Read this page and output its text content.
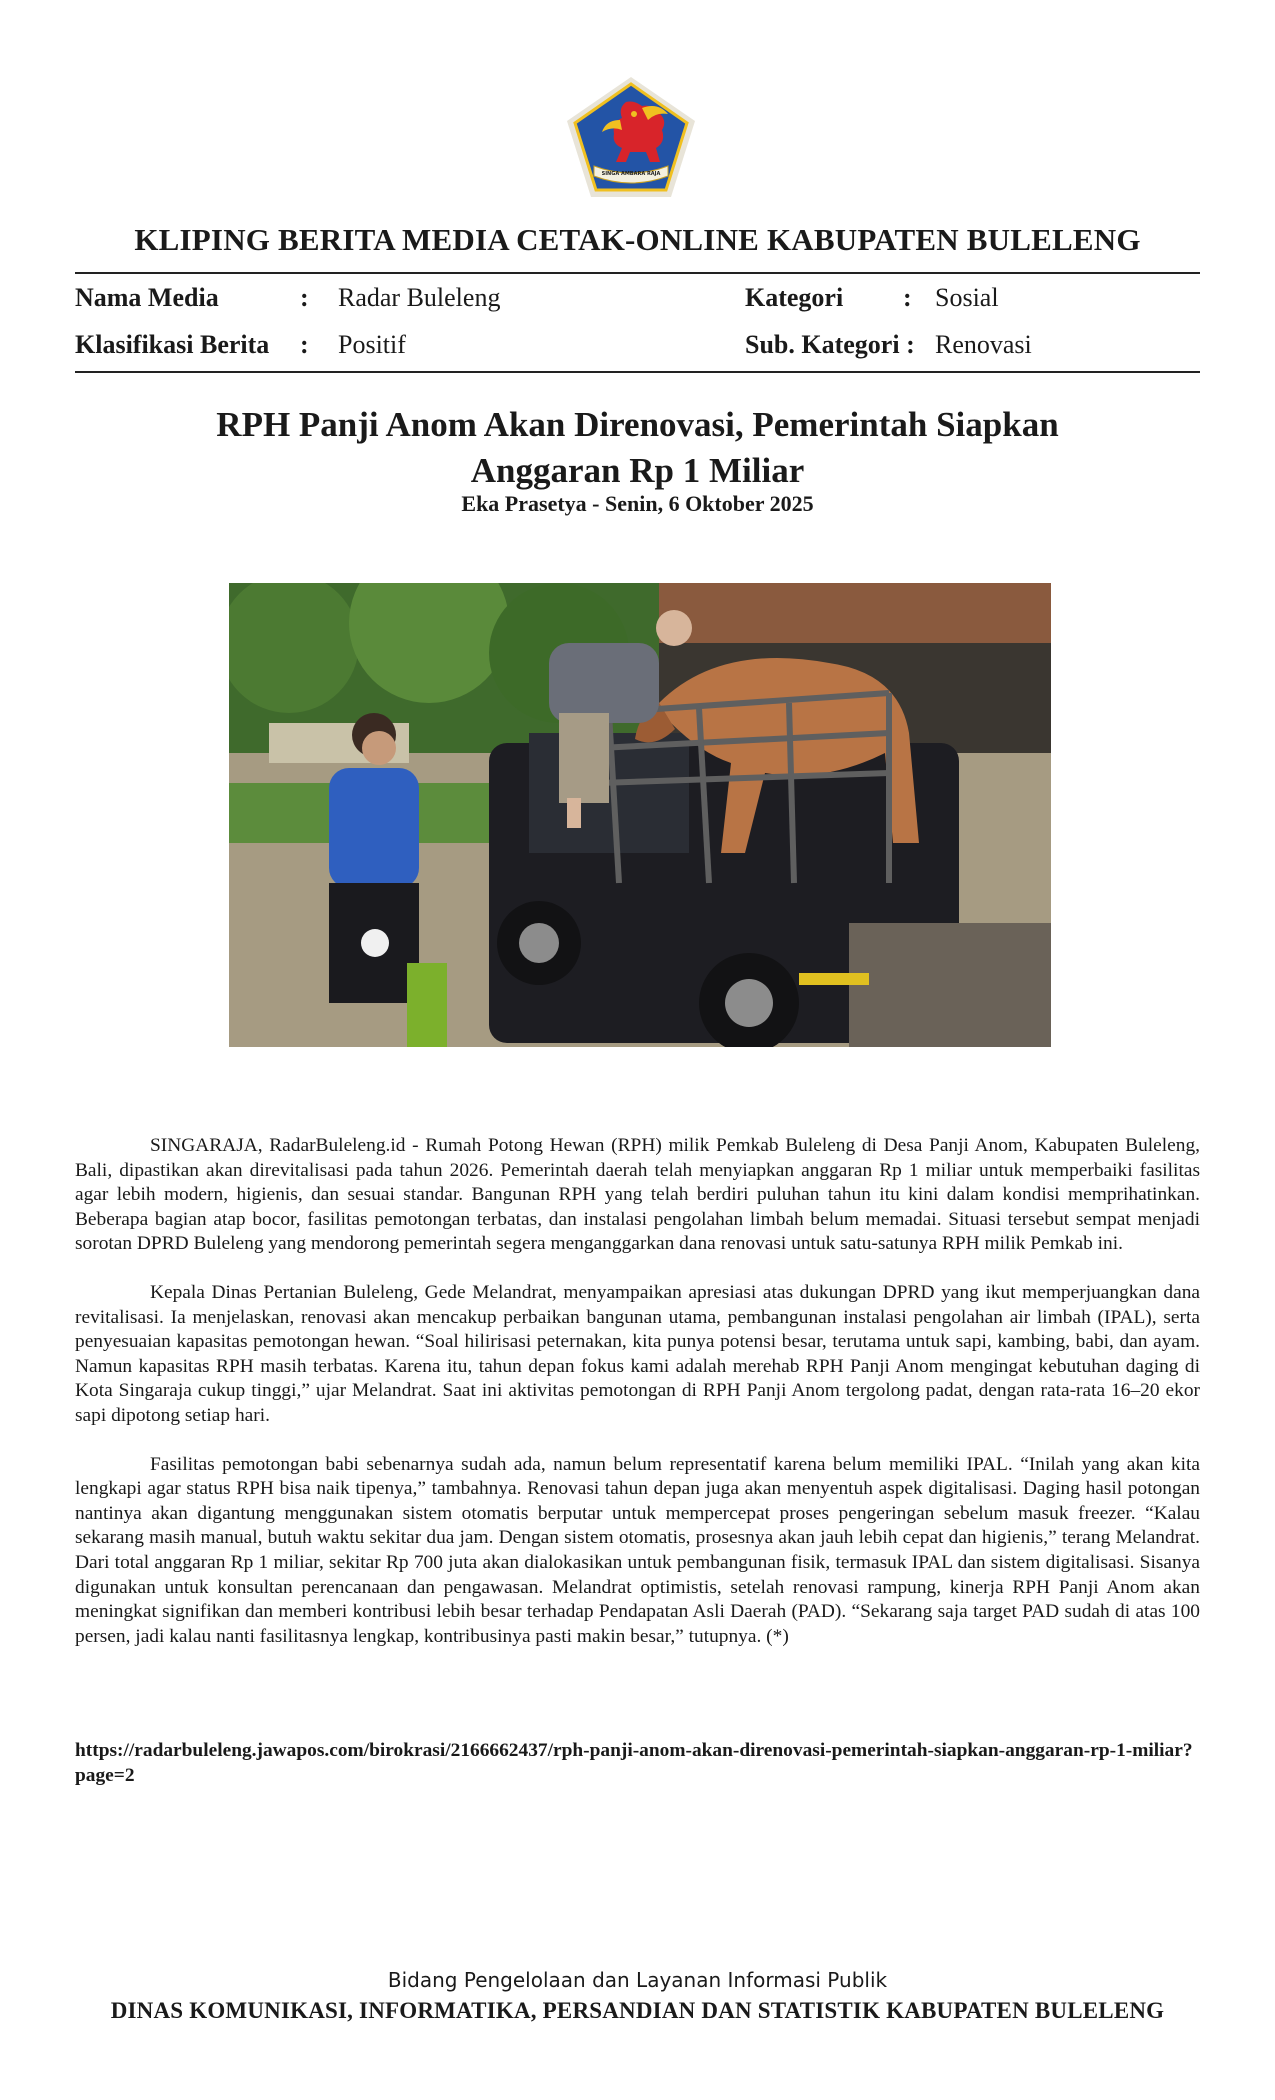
SINGA AMBARA RAJA
KLIPING BERITA MEDIA CETAK-ONLINE KABUPATEN BULELENG
Nama Media	: Radar Buleleng	Kategori : Sosial
Klasifikasi Berita : Positif	Sub. Kategori : Renovasi
RPH Panji Anom Akan Direnovasi, Pemerintah Siapkan Anggaran Rp 1 Miliar
Eka Prasetya - Senin, 6 Oktober 2025

SINGARAJA, RadarBuleleng.id - Rumah Potong Hewan (RPH) milik Pemkab Buleleng di Desa Panji Anom, Kabupaten Buleleng, Bali, dipastikan akan direvitalisasi pada tahun 2026. Pemerintah daerah telah menyiapkan anggaran Rp 1 miliar untuk memperbaiki fasilitas agar lebih modern, higienis, dan sesuai standar. Bangunan RPH yang telah berdiri puluhan tahun itu kini dalam kondisi memprihatinkan. Beberapa bagian atap bocor, fasilitas pemotongan terbatas, dan instalasi pengolahan limbah belum memadai. Situasi tersebut sempat menjadi sorotan DPRD Buleleng yang mendorong pemerintah segera menganggarkan dana renovasi untuk satu-satunya RPH milik Pemkab ini.

Kepala Dinas Pertanian Buleleng, Gede Melandrat, menyampaikan apresiasi atas dukungan DPRD yang ikut memperjuangkan dana revitalisasi. Ia menjelaskan, renovasi akan mencakup perbaikan bangunan utama, pembangunan instalasi pengolahan air limbah (IPAL), serta penyesuaian kapasitas pemotongan hewan. “Soal hilirisasi peternakan, kita punya potensi besar, terutama untuk sapi, kambing, babi, dan ayam. Namun kapasitas RPH masih terbatas. Karena itu, tahun depan fokus kami adalah merehab RPH Panji Anom mengingat kebutuhan daging di Kota Singaraja cukup tinggi,” ujar Melandrat. Saat ini aktivitas pemotongan di RPH Panji Anom tergolong padat, dengan rata-rata 16–20 ekor sapi dipotong setiap hari.

Fasilitas pemotongan babi sebenarnya sudah ada, namun belum representatif karena belum memiliki IPAL. “Inilah yang akan kita lengkapi agar status RPH bisa naik tipenya,” tambahnya. Renovasi tahun depan juga akan menyentuh aspek digitalisasi. Daging hasil potongan nantinya akan digantung menggunakan sistem otomatis berputar untuk mempercepat proses pengeringan sebelum masuk freezer. “Kalau sekarang masih manual, butuh waktu sekitar dua jam. Dengan sistem otomatis, prosesnya akan jauh lebih cepat dan higienis,” terang Melandrat. Dari total anggaran Rp 1 miliar, sekitar Rp 700 juta akan dialokasikan untuk pembangunan fisik, termasuk IPAL dan sistem digitalisasi. Sisanya digunakan untuk konsultan perencanaan dan pengawasan. Melandrat optimistis, setelah renovasi rampung, kinerja RPH Panji Anom akan meningkat signifikan dan memberi kontribusi lebih besar terhadap Pendapatan Asli Daerah (PAD). “Sekarang saja target PAD sudah di atas 100 persen, jadi kalau nanti fasilitasnya lengkap, kontribusinya pasti makin besar,” tutupnya. (*)

https://radarbuleleng.jawapos.com/birokrasi/2166662437/rph-panji-anom-akan-direnovasi-pemerintah-siapkan-anggaran-rp-1-miliar?page=2
Bidang Pengelolaan dan Layanan Informasi Publik
DINAS KOMUNIKASI, INFORMATIKA, PERSANDIAN DAN STATISTIK KABUPATEN BULELENG
